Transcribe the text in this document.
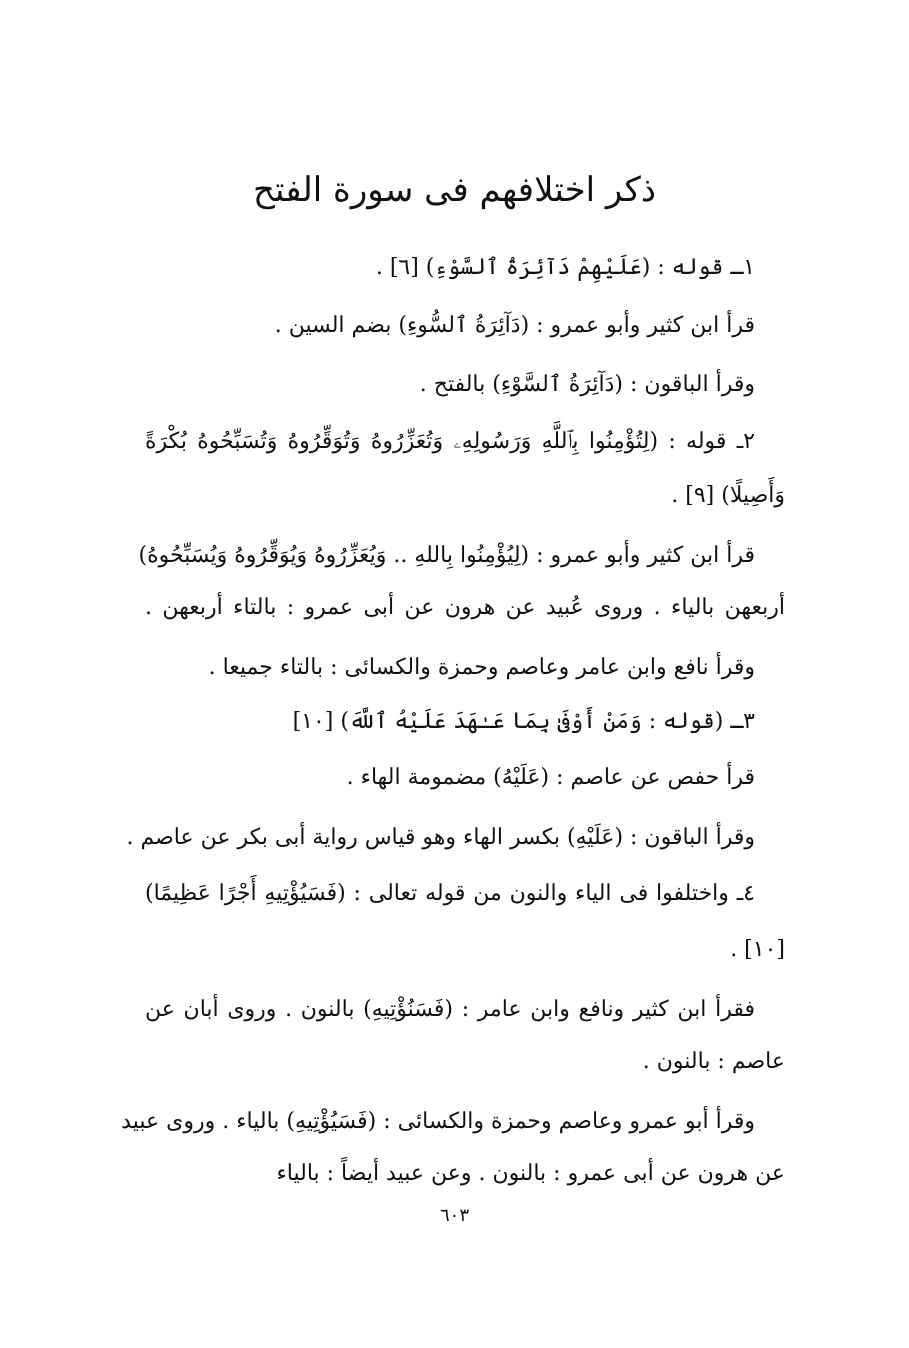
ذكر اختلافهم فى سورة الفتح
١ـ قوله : (عَلَيْهِمْ دَآئِرَةُ ٱلسَّوْءِ) [٦] .
قرأ ابن كثير وأبو عمرو : (دَآئِرَةُ ٱلسُّوءِ) بضم السين .
وقرأ الباقون : (دَآئِرَةُ ٱلسَّوْءِ) بالفتح .
٢ـ قوله : (لِتُؤْمِنُوا بِٱللَّهِ وَرَسُولِهِۦ وَتُعَزِّرُوهُ وَتُوَقِّرُوهُ وَتُسَبِّحُوهُ بُكْرَةً
وَأَصِيلًا) [٩] .
قرأ ابن كثير وأبو عمرو : (لِيُؤْمِنُوا بِاللهِ .. وَيُعَزِّرُوهُ وَيُوَقِّرُوهُ وَيُسَبِّحُوهُ)
أربعهن بالياء . وروى عُبيد عن هرون عن أبى عمرو : بالتاء أربعهن .
وقرأ نافع وابن عامر وعاصم وحمزة والكسائى : بالتاء جميعا .
٣ـ (قوله : وَمَنْ أَوْفَىٰ بِمَا عَـٰهَدَ عَلَيْهُ ٱللَّهَ) [١٠]
قرأ حفص عن عاصم : (عَلَيْهُ) مضمومة الهاء .
وقرأ الباقون : (عَلَيْهِ) بكسر الهاء وهو قياس رواية أبى بكر عن عاصم .
٤ـ واختلفوا فى الياء والنون من قوله تعالى : (فَسَيُؤْتِيهِ أَجْرًا عَظِيمًا)
[١٠] .
فقرأ ابن كثير ونافع وابن عامر : (فَسَنُؤْتِيهِ) بالنون . وروى أبان عن
عاصم : بالنون .
وقرأ أبو عمرو وعاصم وحمزة والكسائى : (فَسَيُؤْتِيهِ) بالياء . وروى عبيد
عن هرون عن أبى عمرو : بالنون . وعن عبيد أيضاً : بالياء
٦٠٣
